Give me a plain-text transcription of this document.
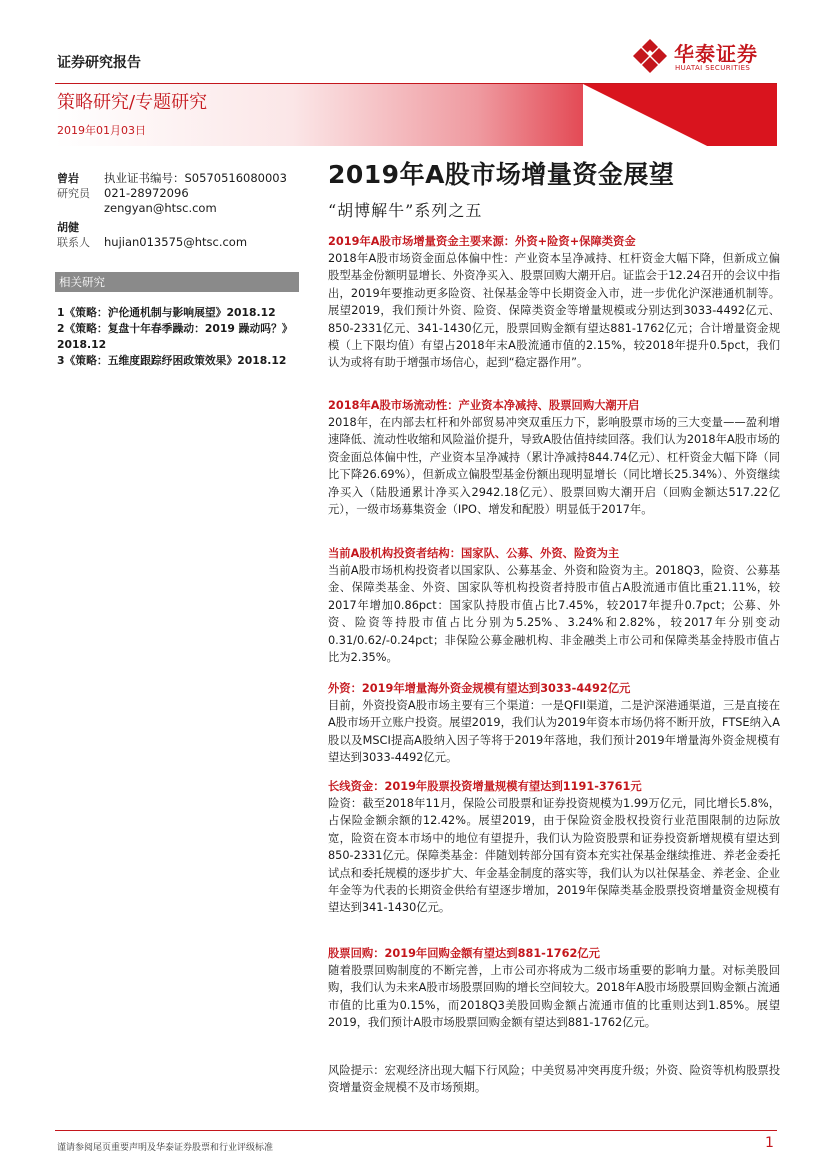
证券研究报告	华泰证券
HUATAI SECURITIES
策略研究/专题研究
2019年01月03日
曾岩
研究员
执业证书编号：S0570516080003
021-28972096
zengyan@htsc.com
胡健
联系人 hujian013575@htsc.com
相关研究
1《策略：沪伦通机制与影响展望》2018.12
2《策略：复盘十年春季躁动：2019 躁动吗？》2018.12
3《策略：五维度跟踪纾困政策效果》2018.12
2019年A股市场增量资金展望
“胡博解牛”系列之五
2019年A股市场增量资金主要来源：外资+险资+保障类资金
2018年A股市场资金面总体偏中性：产业资本呈净减持、杠杆资金大幅下降，但新成立偏股型基金份额明显增长、外资净买入、股票回购大潮开启。证监会于12.24召开的会议中指出，2019年要推动更多险资、社保基金等中长期资金入市，进一步优化沪深港通机制等。展望2019，我们预计外资、险资、保障类资金等增量规模或分别达到3033-4492亿元、850-2331亿元、341-1430亿元，股票回购金额有望达881-1762亿元；合计增量资金规模（上下限均值）有望占2018年末A股流通市值的2.15%，较2018年提升0.5pct，我们认为或将有助于增强市场信心，起到“稳定器作用”。
2018年A股市场流动性：产业资本净减持、股票回购大潮开启
2018年，在内部去杠杆和外部贸易冲突双重压力下，影响股票市场的三大变量——盈利增速降低、流动性收缩和风险溢价提升，导致A股估值持续回落。我们认为2018年A股市场的资金面总体偏中性，产业资本呈净减持（累计净减持844.74亿元）、杠杆资金大幅下降（同比下降26.69%），但新成立偏股型基金份额出现明显增长（同比增长25.34%）、外资继续净买入（陆股通累计净买入2942.18亿元）、股票回购大潮开启（回购金额达517.22亿元），一级市场募集资金（IPO、增发和配股）明显低于2017年。
当前A股机构投资者结构：国家队、公募、外资、险资为主
当前A股市场机构投资者以国家队、公募基金、外资和险资为主。2018Q3，险资、公募基金、保障类基金、外资、国家队等机构投资者持股市值占A股流通市值比重21.11%，较2017年增加0.86pct：国家队持股市值占比7.45%，较2017年提升0.7pct；公募、外资、险资等持股市值占比分别为5.25%、3.24%和2.82%，较2017年分别变动0.31/0.62/-0.24pct；非保险公募金融机构、非金融类上市公司和保障类基金持股市值占比为2.35%。
外资：2019年增量海外资金规模有望达到3033-4492亿元
目前，外资投资A股市场主要有三个渠道：一是QFII渠道，二是沪深港通渠道，三是直接在A股市场开立账户投资。展望2019，我们认为2019年资本市场仍将不断开放，FTSE纳入A股以及MSCI提高A股纳入因子等将于2019年落地，我们预计2019年增量海外资金规模有望达到3033-4492亿元。
长线资金：2019年股票投资增量规模有望达到1191-3761元
险资：截至2018年11月，保险公司股票和证券投资规模为1.99万亿元，同比增长5.8%，占保险金额余额的12.42%。展望2019，由于保险资金股权投资行业范围限制的边际放宽，险资在资本市场中的地位有望提升，我们认为险资股票和证券投资新增规模有望达到850-2331亿元。保障类基金：伴随划转部分国有资本充实社保基金继续推进、养老金委托试点和委托规模的逐步扩大、年金基金制度的落实等，我们认为以社保基金、养老金、企业年金等为代表的长期资金供给有望逐步增加，2019年保障类基金股票投资增量资金规模有望达到341-1430亿元。
股票回购：2019年回购金额有望达到881-1762亿元
随着股票回购制度的不断完善，上市公司亦将成为二级市场重要的影响力量。对标美股回购，我们认为未来A股市场股票回购的增长空间较大。2018年A股市场股票回购金额占流通市值的比重为0.15%，而2018Q3美股回购金额占流通市值的比重则达到1.85%。展望2019，我们预计A股市场股票回购金额有望达到881-1762亿元。
风险提示：宏观经济出现大幅下行风险；中美贸易冲突再度升级；外资、险资等机构股票投资增量资金规模不及市场预期。
谨请参阅尾页重要声明及华泰证券股票和行业评级标准	1
